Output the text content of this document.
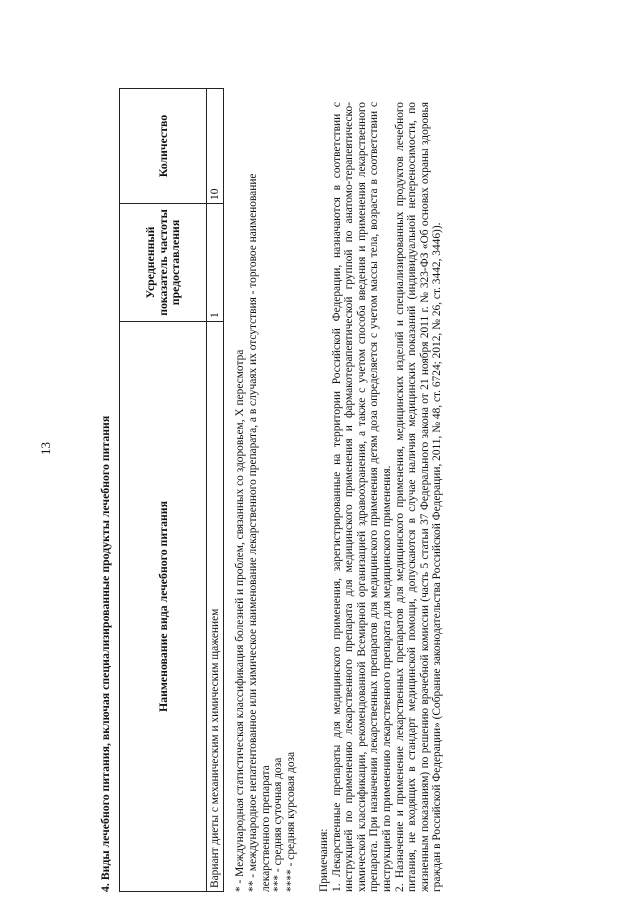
13	4. Виды лечебного питания, включая специализированные продукты лечебного питания	Наименование вида лечебного питания	Усредненный показатель частоты предоставления	Количество
Вариант диеты с механическим и химическим щажением	1	10
* - Международная статистическая классификация болезней и проблем, связанных со здоровьем, X пересмотра ** - международное непатентованное или химическое наименование лекарственного препарата, а в случаях их отсутствия - торговое наименование лекарственного препарата *** - средняя суточная доза **** - средняя курсовая доза Примечания: 1. Лекарственные препараты для медицинского применения, зарегистрированные на территории Российской Федерации, назначаются в соответствии с инструкцией по применению лекарственного препарата для медицинского применения и фармакотерапевтической группой по анатомо-терапевтическо-химической классификации, рекомендованной Всемирной организацией здравоохранения, а также с учетом способа введения и применения лекарственного препарата. При назначении лекарственных препаратов для медицинского применения детям доза определяется с учетом массы тела, возраста в соответствии с инструкцией по применению лекарственного препарата для медицинского применения. 2. Назначение и применение лекарственных препаратов для медицинского применения, медицинских изделий и специализированных продуктов лечебного питания, не входящих в стандарт медицинской помощи, допускаются в случае наличия медицинских показаний (индивидуальной непереносимости, по жизненным показаниям) по решению врачебной комиссии (часть 5 статьи 37 Федерального закона от 21 ноября 2011 г. № 323-ФЗ «Об основах охраны здоровья граждан в Российской Федерации» (Собрание законодательства Российской Федерации, 2011, № 48, ст. 6724; 2012, № 26, ст. 3442, 3446)).
